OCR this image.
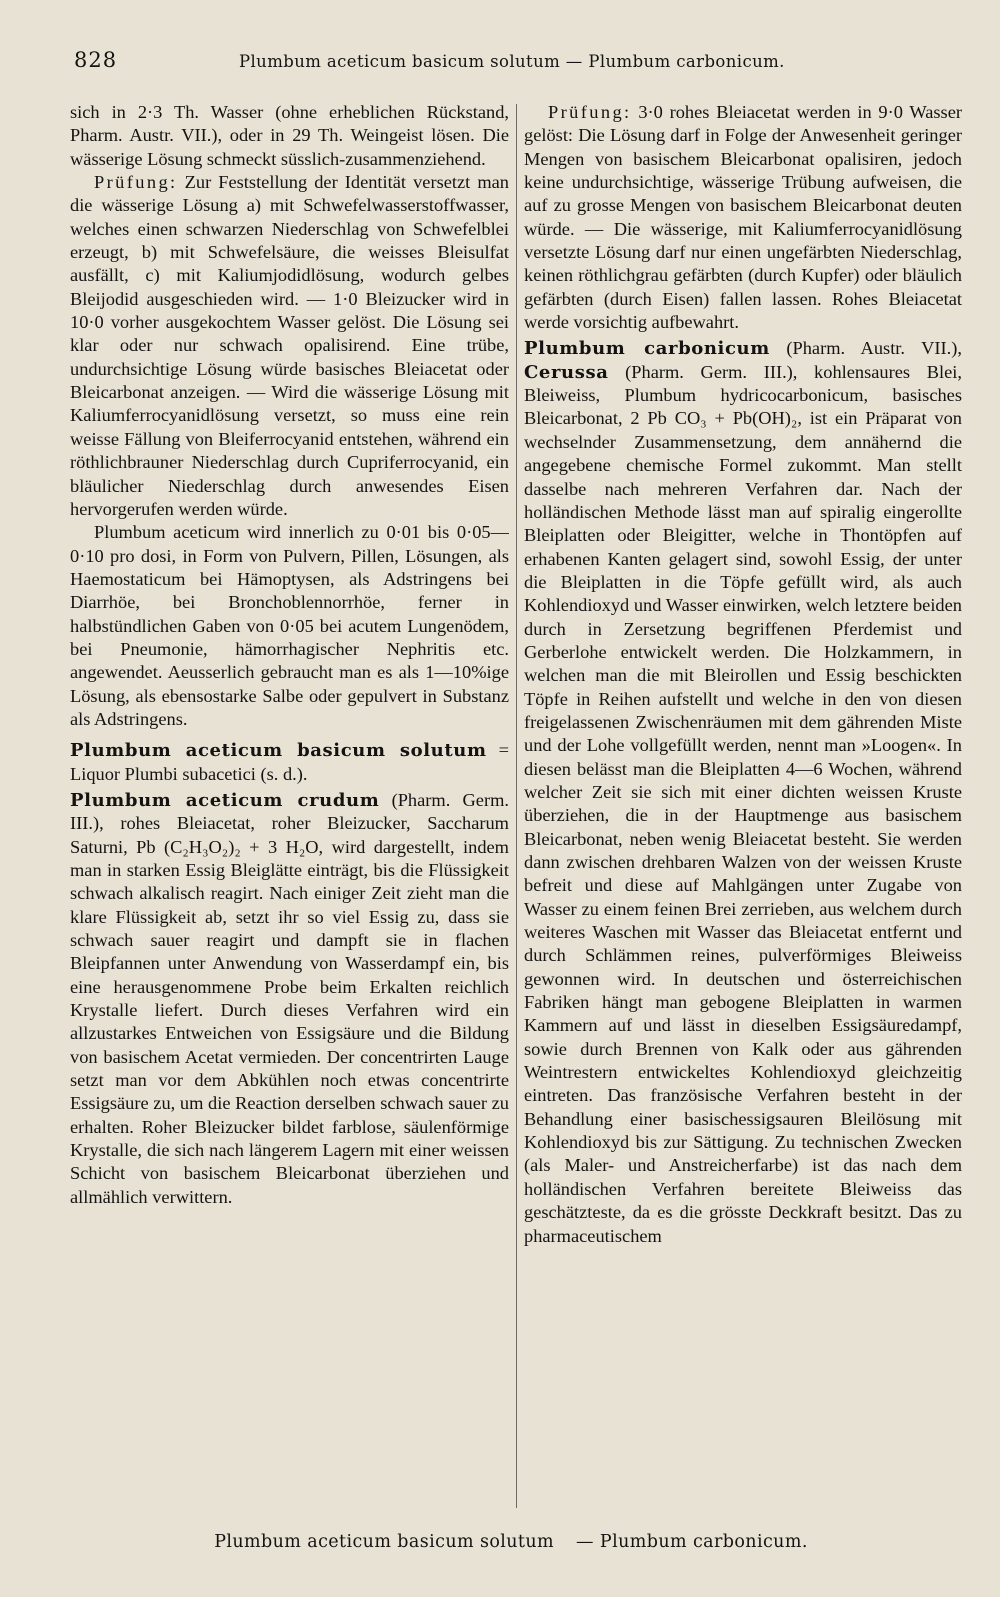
828	Plumbum aceticum basicum solutum — Plumbum carbonicum.

sich in 2·3 Th. Wasser (ohne erheblichen Rückstand, Pharm. Austr. VII.), oder in 29 Th. Weingeist lösen. Die wässerige Lösung schmeckt süsslich-zusammenziehend.

Prüfung: Zur Feststellung der Identität versetzt man die wässerige Lösung a) mit Schwefelwasserstoffwasser, welches einen schwarzen Niederschlag von Schwefelblei erzeugt, b) mit Schwefelsäure, die weisses Bleisulfat ausfällt, c) mit Kaliumjodidlösung, wodurch gelbes Bleijodid ausgeschieden wird. — 1·0 Bleizucker wird in 10·0 vorher ausgekochtem Wasser gelöst. Die Lösung sei klar oder nur schwach opalisirend. Eine trübe, undurchsichtige Lösung würde basisches Bleiacetat oder Bleicarbonat anzeigen. — Wird die wässerige Lösung mit Kaliumferrocyanidlösung versetzt, so muss eine rein weisse Fällung von Bleiferrocyanid entstehen, während ein röthlichbrauner Niederschlag durch Cupriferrocyanid, ein bläulicher Niederschlag durch anwesendes Eisen hervorgerufen werden würde.

Plumbum aceticum wird innerlich zu 0·01 bis 0·05—0·10 pro dosi, in Form von Pulvern, Pillen, Lösungen, als Haemostaticum bei Hämoptysen, als Adstringens bei Diarrhöe, bei Bronchoblennorrhöe, ferner in halbstündlichen Gaben von 0·05 bei acutem Lungenödem, bei Pneumonie, hämorrhagischer Nephritis etc. angewendet. Aeusserlich gebraucht man es als 1—10%ige Lösung, als ebensostarke Salbe oder gepulvert in Substanz als Adstringens.

Plumbum aceticum basicum solutum = Liquor Plumbi subacetici (s. d.).

Plumbum aceticum crudum (Pharm. Germ. III.), rohes Bleiacetat, roher Bleizucker, Saccharum Saturni, Pb (C₂H₃O₂)₂ + 3 H₂O, wird dargestellt, indem man in starken Essig Bleiglätte einträgt, bis die Flüssigkeit schwach alkalisch reagirt. Nach einiger Zeit zieht man die klare Flüssigkeit ab, setzt ihr so viel Essig zu, dass sie schwach sauer reagirt und dampft sie in flachen Bleipfannen unter Anwendung von Wasserdampf ein, bis eine herausgenommene Probe beim Erkalten reichlich Krystalle liefert. Durch dieses Verfahren wird ein allzustarkes Entweichen von Essigsäure und die Bildung von basischem Acetat vermieden. Der concentrirten Lauge setzt man vor dem Abkühlen noch etwas concentrirte Essigsäure zu, um die Reaction derselben schwach sauer zu erhalten. Roher Bleizucker bildet farblose, säulenförmige Krystalle, die sich nach längerem Lagern mit einer weissen Schicht von basischem Bleicarbonat überziehen und allmählich verwittern.

Prüfung: 3·0 rohes Bleiacetat werden in 9·0 Wasser gelöst: Die Lösung darf in Folge der Anwesenheit geringer Mengen von basischem Bleicarbonat opalisiren, jedoch keine undurchsichtige, wässerige Trübung aufweisen, die auf zu grosse Mengen von basischem Bleicarbonat deuten würde. — Die wässerige, mit Kaliumferrocyanidlösung versetzte Lösung darf nur einen ungefärbten Niederschlag, keinen röthlichgrau gefärbten (durch Kupfer) oder bläulich gefärbten (durch Eisen) fallen lassen. Rohes Bleiacetat werde vorsichtig aufbewahrt.

Plumbum carbonicum (Pharm. Austr. VII.), Cerussa (Pharm. Germ. III.), kohlensaures Blei, Bleiweiss, Plumbum hydricocarbonicum, basisches Bleicarbonat, 2 Pb CO₃ + Pb(OH)₂, ist ein Präparat von wechselnder Zusammensetzung, dem annähernd die angegebene chemische Formel zukommt. Man stellt dasselbe nach mehreren Verfahren dar. Nach der holländischen Methode lässt man auf spiralig eingerollte Bleiplatten oder Bleigitter, welche in Thontöpfen auf erhabenen Kanten gelagert sind, sowohl Essig, der unter die Bleiplatten in die Töpfe gefüllt wird, als auch Kohlendioxyd und Wasser einwirken, welch letztere beiden durch in Zersetzung begriffenen Pferdemist und Gerberlohe entwickelt werden. Die Holzkammern, in welchen man die mit Bleirollen und Essig beschickten Töpfe in Reihen aufstellt und welche in den von diesen freigelassenen Zwischenräumen mit dem gährenden Miste und der Lohe vollgefüllt werden, nennt man »Loogen«. In diesen belässt man die Bleiplatten 4—6 Wochen, während welcher Zeit sie sich mit einer dichten weissen Kruste überziehen, die in der Hauptmenge aus basischem Bleicarbonat, neben wenig Bleiacetat besteht. Sie werden dann zwischen drehbaren Walzen von der weissen Kruste befreit und diese auf Mahlgängen unter Zugabe von Wasser zu einem feinen Brei zerrieben, aus welchem durch weiteres Waschen mit Wasser das Bleiacetat entfernt und durch Schlämmen reines, pulverförmiges Bleiweiss gewonnen wird. In deutschen und österreichischen Fabriken hängt man gebogene Bleiplatten in warmen Kammern auf und lässt in dieselben Essigsäuredampf, sowie durch Brennen von Kalk oder aus gährenden Weintrestern entwickeltes Kohlendioxyd gleichzeitig eintreten. Das französische Verfahren besteht in der Behandlung einer basischessigsauren Bleilösung mit Kohlendioxyd bis zur Sättigung. Zu technischen Zwecken (als Maler- und Anstreicherfarbe) ist das nach dem holländischen Verfahren bereitete Bleiweiss das geschätzteste, da es die grösste Deckkraft besitzt. Das zu pharmaceutischem

Plumbum aceticum basicum solutum — Plumbum carbonicum.
